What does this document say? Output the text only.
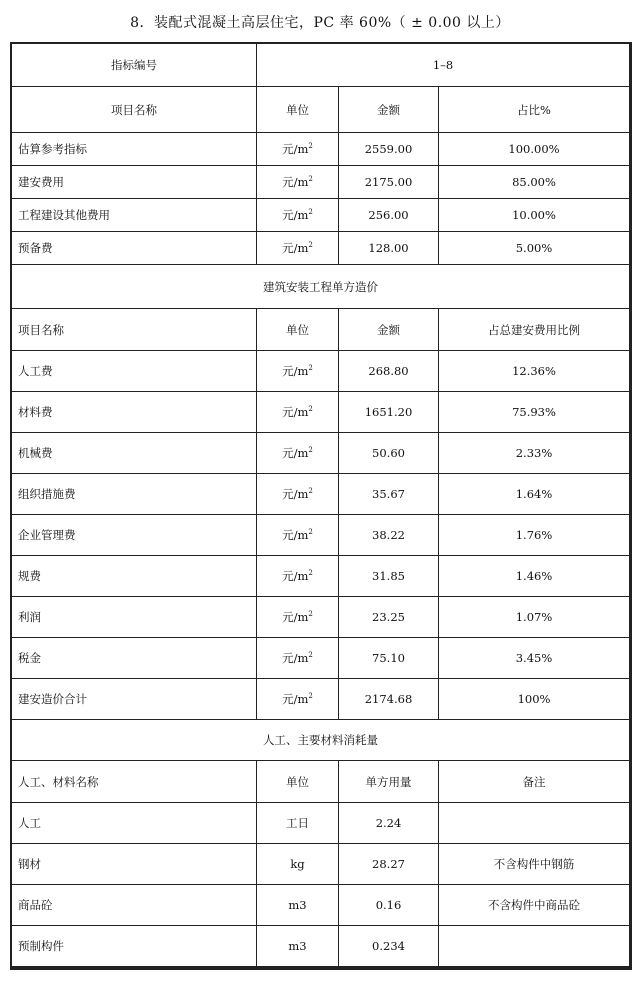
8．装配式混凝土高层住宅，PC 率 60%（ ± 0.00 以上）
指标编号	1–8		
项目名称	单位	金额	占比%
估算参考指标	元$/m^2$	2559.00	100.00%
建安费用	元$/m^2$	2175.00	85.00%
工程建设其他费用	元$/m^2$	256.00	10.00%
预备费	元$/m^2$	128.00	5.00%
建筑安装工程单方造价			
项目名称	单位	金额	占总建安费用比例
人工费	元$/m^2$	268.80	12.36%
材料费	元$/m^2$	1651.20	75.93%
机械费	元$/m^2$	50.60	2.33%
组织措施费	元$/m^2$	35.67	1.64%
企业管理费	元$/m^2$	38.22	1.76%
规费	元$/m^2$	31.85	1.46%
利润	元$/m^2$	23.25	1.07%
税金	元$/m^2$	75.10	3.45%
建安造价合计	元$/m^2$	2174.68	100%
人工、主要材料消耗量			
人工、材料名称	单位	单方用量	备注
人工	工日	2.24	
钢材	kg	28.27	不含构件中钢筋
商品砼	m3	0.16	不含构件中商品砼
预制构件	m3	0.234	
